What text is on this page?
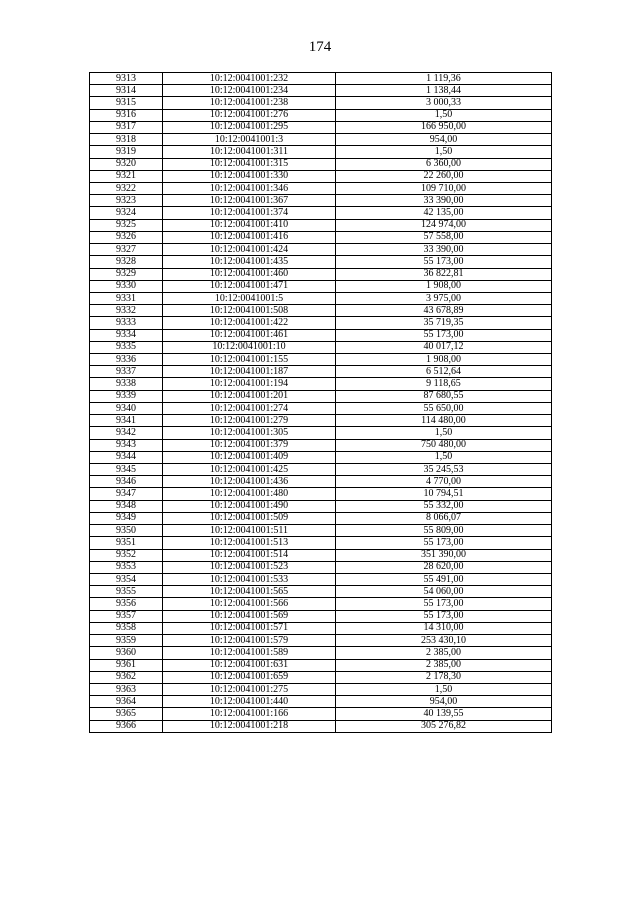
174
9313	10:12:0041001:232	1 119,36
9314	10:12:0041001:234	1 138,44
9315	10:12:0041001:238	3 000,33
9316	10:12:0041001:276	1,50
9317	10:12:0041001:295	166 950,00
9318	10:12:0041001:3	954,00
9319	10:12:0041001:311	1,50
9320	10:12:0041001:315	6 360,00
9321	10:12:0041001:330	22 260,00
9322	10:12:0041001:346	109 710,00
9323	10:12:0041001:367	33 390,00
9324	10:12:0041001:374	42 135,00
9325	10:12:0041001:410	124 974,00
9326	10:12:0041001:416	57 558,00
9327	10:12:0041001:424	33 390,00
9328	10:12:0041001:435	55 173,00
9329	10:12:0041001:460	36 822,81
9330	10:12:0041001:471	1 908,00
9331	10:12:0041001:5	3 975,00
9332	10:12:0041001:508	43 678,89
9333	10:12:0041001:422	35 719,35
9334	10:12:0041001:461	55 173,00
9335	10:12:0041001:10	40 017,12
9336	10:12:0041001:155	1 908,00
9337	10:12:0041001:187	6 512,64
9338	10:12:0041001:194	9 118,65
9339	10:12:0041001:201	87 680,55
9340	10:12:0041001:274	55 650,00
9341	10:12:0041001:279	114 480,00
9342	10:12:0041001:305	1,50
9343	10:12:0041001:379	750 480,00
9344	10:12:0041001:409	1,50
9345	10:12:0041001:425	35 245,53
9346	10:12:0041001:436	4 770,00
9347	10:12:0041001:480	10 794,51
9348	10:12:0041001:490	55 332,00
9349	10:12:0041001:509	8 066,07
9350	10:12:0041001:511	55 809,00
9351	10:12:0041001:513	55 173,00
9352	10:12:0041001:514	351 390,00
9353	10:12:0041001:523	28 620,00
9354	10:12:0041001:533	55 491,00
9355	10:12:0041001:565	54 060,00
9356	10:12:0041001:566	55 173,00
9357	10:12:0041001:569	55 173,00
9358	10:12:0041001:571	14 310,00
9359	10:12:0041001:579	253 430,10
9360	10:12:0041001:589	2 385,00
9361	10:12:0041001:631	2 385,00
9362	10:12:0041001:659	2 178,30
9363	10:12:0041001:275	1,50
9364	10:12:0041001:440	954,00
9365	10:12:0041001:166	40 139,55
9366	10:12:0041001:218	305 276,82
